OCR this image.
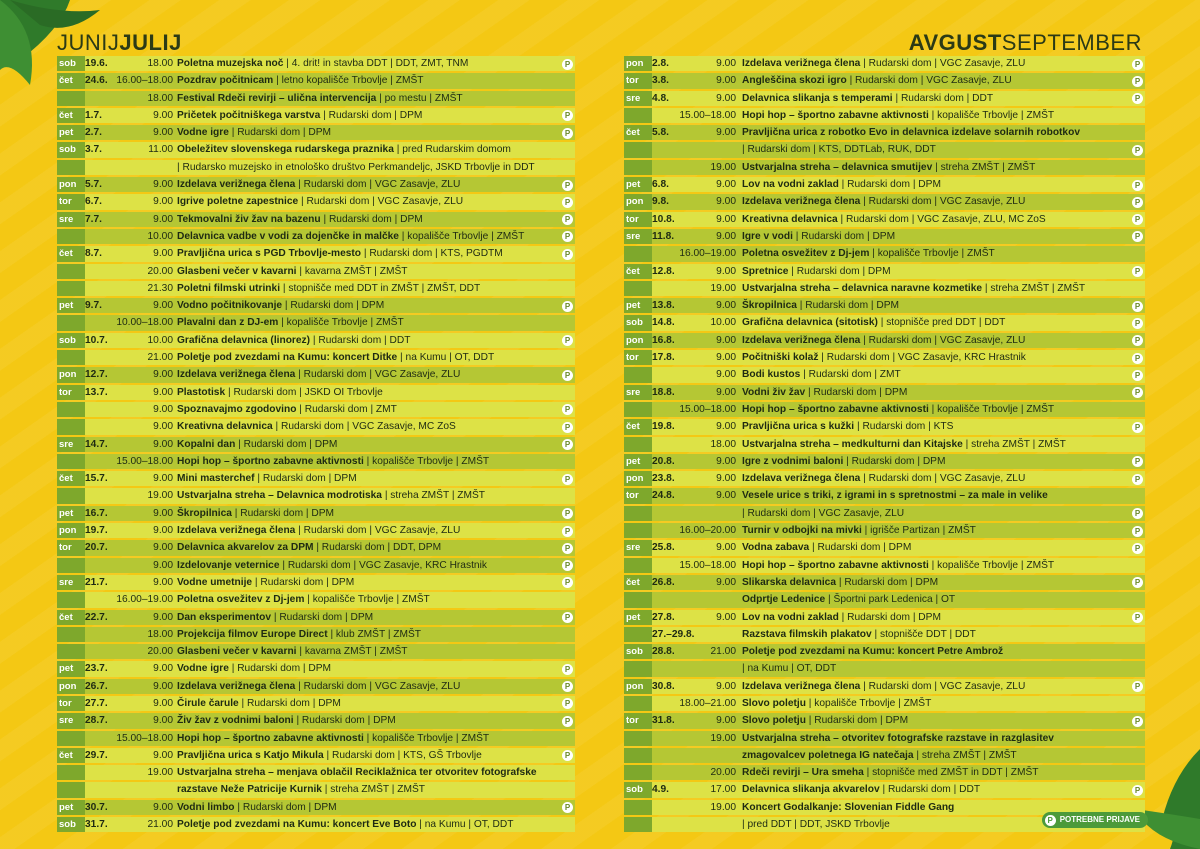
JUNIJJULIJ	AVGUSTSEPTEMBER
sob 19.6.	18.00 Poletna muzejska noč | 4. drit! in stavba DDT | DDT, ZMT, TNM	P
čet	24.6. 16.00–18.00 Pozdrav počitnicam | letno kopališče Trbovlje | ZMŠT
18.00 Festival Rdeči revirji – ulična intervencija | po mestu | ZMŠT
čet	1.7.	9.00 Pričetek počitniškega varstva | Rudarski dom | DPM	P
pet	2.7.	9.00 Vodne igre | Rudarski dom | DPM	P
sob 3.7.	11.00 Obeležitev slovenskega rudarskega praznika | pred Rudarskim domom
| Rudarsko muzejsko in etnološko društvo Perkmandeljc, JSKD Trbovlje in DDT
pon 5.7.	9.00 Izdelava verižnega člena | Rudarski dom | VGC Zasavje, ZLU	P
tor	6.7.	9.00 Igrive poletne zapestnice | Rudarski dom | VGC Zasavje, ZLU	P
sre	7.7.	9.00 Tekmovalni živ žav na bazenu | Rudarski dom | DPM	P
10.00 Delavnica vadbe v vodi za dojenčke in malčke | kopališče Trbovlje | ZMŠT	P
čet	8.7.	9.00 Pravljična urica s PGD Trbovlje-mesto | Rudarski dom | KTS, PGDTM	P
20.00 Glasbeni večer v kavarni | kavarna ZMŠT | ZMŠT
21.30 Poletni filmski utrinki | stopnišče med DDT in ZMŠT | ZMŠT, DDT
pet	9.7.	9.00 Vodno počitnikovanje | Rudarski dom | DPM	P
10.00–18.00 Plavalni dan z DJ-em | kopališče Trbovlje | ZMŠT
sob 10.7.	10.00 Grafična delavnica (linorez) | Rudarski dom | DDT	P
21.00 Poletje pod zvezdami na Kumu: koncert Ditke | na Kumu | OT, DDT
pon 12.7.	9.00 Izdelava verižnega člena | Rudarski dom | VGC Zasavje, ZLU	P
tor	13.7.	9.00 Plastotisk | Rudarski dom | JSKD OI Trbovlje
9.00 Spoznavajmo zgodovino | Rudarski dom | ZMT	P
9.00 Kreativna delavnica | Rudarski dom | VGC Zasavje, MC ZoS	P
sre	14.7.	9.00 Kopalni dan | Rudarski dom | DPM	P
15.00–18.00 Hopi hop – športno zabavne aktivnosti | kopališče Trbovlje | ZMŠT
čet	15.7.	9.00 Mini masterchef | Rudarski dom | DPM	P
19.00 Ustvarjalna streha – Delavnica modrotiska | streha ZMŠT | ZMŠT
pet	16.7.	9.00 Škropilnica | Rudarski dom | DPM	P
pon 19.7.	9.00 Izdelava verižnega člena | Rudarski dom | VGC Zasavje, ZLU	P
tor	20.7.	9.00 Delavnica akvarelov za DPM | Rudarski dom | DDT, DPM	P
9.00 Izdelovanje veternice | Rudarski dom | VGC Zasavje, KRC Hrastnik	P
sre	21.7.	9.00 Vodne umetnije | Rudarski dom | DPM	P
16.00–19.00 Poletna osvežitev z Dj-jem | kopališče Trbovlje | ZMŠT
čet	22.7.	9.00 Dan eksperimentov | Rudarski dom | DPM	P
18.00 Projekcija filmov Europe Direct | klub ZMŠT | ZMŠT
20.00 Glasbeni večer v kavarni | kavarna ZMŠT | ZMŠT
pet	23.7.	9.00 Vodne igre | Rudarski dom | DPM	P
pon 26.7.	9.00 Izdelava verižnega člena | Rudarski dom | VGC Zasavje, ZLU	P
tor	27.7.	9.00 Čirule čarule | Rudarski dom | DPM	P
sre	28.7.	9.00 Živ žav z vodnimi baloni | Rudarski dom | DPM	P
15.00–18.00 Hopi hop – športno zabavne aktivnosti | kopališče Trbovlje | ZMŠT
čet	29.7.	9.00 Pravljična urica s Katjo Mikula | Rudarski dom | KTS, GŠ Trbovlje	P
19.00 Ustvarjalna streha – menjava oblačil Reciklažnica ter otvoritev fotografske
razstave Neže Patricije Kurnik | streha ZMŠT | ZMŠT
pet	30.7.	9.00 Vodni limbo | Rudarski dom | DPM	P
sob 31.7.	21.00 Poletje pod zvezdami na Kumu: koncert Eve Boto | na Kumu | OT, DDT
pon 2.8.	9.00 Izdelava verižnega člena | Rudarski dom | VGC Zasavje, ZLU	P
tor	3.8.	9.00 Angleščina skozi igro | Rudarski dom | VGC Zasavje, ZLU	P
sre	4.8.	9.00 Delavnica slikanja s temperami | Rudarski dom | DDT	P
15.00–18.00 Hopi hop – športno zabavne aktivnosti | kopališče Trbovlje | ZMŠT
čet	5.8.	9.00 Pravljična urica z robotko Evo in delavnica izdelave solarnih robotkov
| Rudarski dom | KTS, DDTLab, RUK, DDT	P
19.00 Ustvarjalna streha – delavnica smutijev | streha ZMŠT | ZMŠT
pet	6.8.	9.00 Lov na vodni zaklad | Rudarski dom | DPM	P
pon 9.8.	9.00 Izdelava verižnega člena | Rudarski dom | VGC Zasavje, ZLU	P
tor	10.8.	9.00 Kreativna delavnica | Rudarski dom | VGC Zasavje, ZLU, MC ZoS	P
sre	11.8.	9.00 Igre v vodi | Rudarski dom | DPM	P
16.00–19.00 Poletna osvežitev z Dj-jem | kopališče Trbovlje | ZMŠT
čet	12.8.	9.00 Spretnice | Rudarski dom | DPM	P
19.00 Ustvarjalna streha – delavnica naravne kozmetike | streha ZMŠT | ZMŠT
pet	13.8.	9.00 Škropilnica | Rudarski dom | DPM	P
sob 14.8.	10.00 Grafična delavnica (sitotisk) | stopnišče pred DDT | DDT	P
pon 16.8.	9.00 Izdelava verižnega člena | Rudarski dom | VGC Zasavje, ZLU	P
tor	17.8.	9.00 Počitniški kolaž | Rudarski dom | VGC Zasavje, KRC Hrastnik	P
9.00 Bodi kustos | Rudarski dom | ZMT	P
sre	18.8.	9.00 Vodni živ žav | Rudarski dom | DPM	P
15.00–18.00 Hopi hop – športno zabavne aktivnosti | kopališče Trbovlje | ZMŠT
čet	19.8.	9.00 Pravljična urica s kužki | Rudarski dom | KTS	P
18.00 Ustvarjalna streha – medkulturni dan Kitajske | streha ZMŠT | ZMŠT
pet	20.8.	9.00 Igre z vodnimi baloni | Rudarski dom | DPM	P
pon 23.8.	9.00 Izdelava verižnega člena | Rudarski dom | VGC Zasavje, ZLU	P
tor	24.8.	9.00 Vesele urice s triki, z igrami in s spretnostmi – za male in velike
| Rudarski dom | VGC Zasavje, ZLU	P
16.00–20.00 Turnir v odbojki na mivki | igrišče Partizan | ZMŠT	P
sre	25.8.	9.00 Vodna zabava | Rudarski dom | DPM	P
15.00–18.00 Hopi hop – športno zabavne aktivnosti | kopališče Trbovlje | ZMŠT
čet	26.8.	9.00 Slikarska delavnica | Rudarski dom | DPM	P
Odprtje Ledenice | Športni park Ledenica | OT
pet	27.8.	9.00 Lov na vodni zaklad | Rudarski dom | DPM	P
27.–29.8.	Razstava filmskih plakatov | stopnišče DDT | DDT
sob 28.8.	21.00 Poletje pod zvezdami na Kumu: koncert Petre Ambrož
| na Kumu | OT, DDT
pon 30.8.	9.00 Izdelava verižnega člena | Rudarski dom | VGC Zasavje, ZLU	P
18.00–21.00 Slovo poletju | kopališče Trbovlje | ZMŠT
tor	31.8.	9.00 Slovo poletju | Rudarski dom | DPM	P
19.00 Ustvarjalna streha – otvoritev fotografske razstave in razglasitev
zmagovalcev poletnega IG natečaja | streha ZMŠT | ZMŠT
20.00 Rdeči revirji – Ura smeha | stopnišče med ZMŠT in DDT | ZMŠT
sob 4.9.	17.00 Delavnica slikanja akvarelov | Rudarski dom | DDT	P
19.00 Koncert Godalkanje: Slovenian Fiddle Gang
| pred DDT | DDT, JSKD Trbovlje	P POTREBNE PRIJAVE
